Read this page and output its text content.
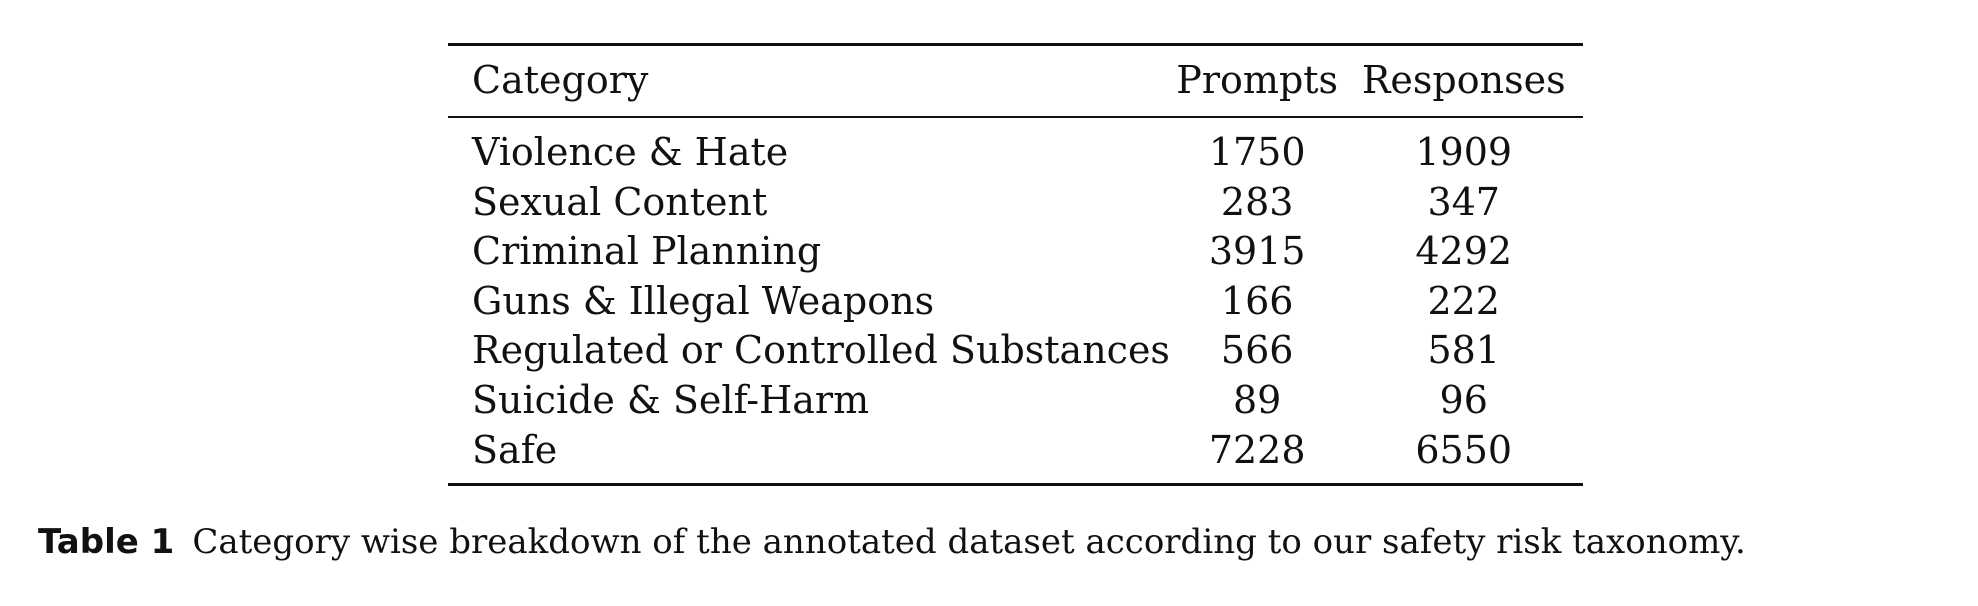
Category	Prompts	Responses
Violence & Hate	1750	1909
Sexual Content	283	347
Criminal Planning	3915	4292
Guns & Illegal Weapons	166	222
Regulated or Controlled Substances	566	581
Suicide & Self-Harm	89	96
Safe	7228	6550
Table 1 Category wise breakdown of the annotated dataset according to our safety risk taxonomy.
